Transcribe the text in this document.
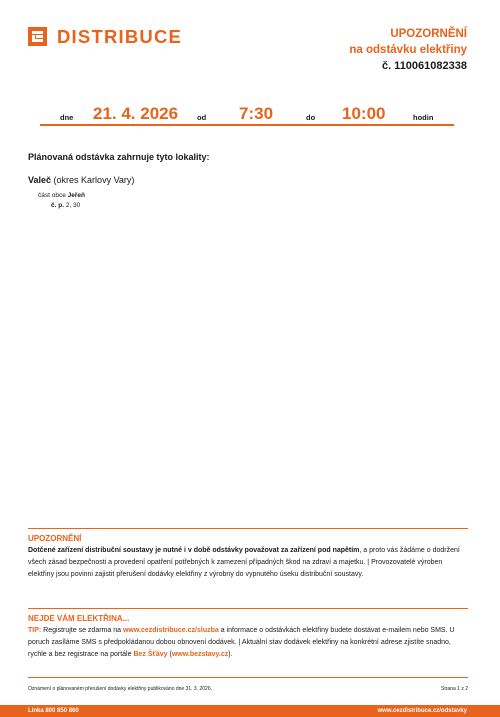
DISTRIBUCE	UPOZORNĚNÍ
na odstávku elektřiny
č. 110061082338
dne 21. 4. 2026	od 7:30	do 10:00	hodin
Plánovaná odstávka zahrnuje tyto lokality:
Valeč (okres Karlovy Vary)
část obce Jeřeň
č. p. 2, 30
UPOZORNĚNÍ
Dotčené zařízení distribuční soustavy je nutné i v době odstávky považovat za zařízení pod napětím, a proto vás žádáme o dodržení všech zásad bezpečnosti a provedení opatření potřebných k zamezení případných škod na zdraví a majetku. | Provozovatelé výroben elektřiny jsou povinni zajistit přerušení dodávky elektřiny z výrobny do vypnutého úseku distribuční soustavy.
NEJDE VÁM ELEKTŘINA...
TIP: Registrujte se zdarma na www.cezdistribuce.cz/sluzba a informace o odstávkách elektřiny budete dostávat e-mailem nebo SMS. U poruch zasíláme SMS s předpokládanou dobou obnovení dodávek. | Aktuální stav dodávek elektřiny na konkrétní adrese zjistíte snadno, rychle a bez registrace na portále Bez Šťávy (www.bezstavy.cz).
Oznámení o plánovaném přerušení dodávky elektřiny publikováno dne 31. 3. 2026.	Strana 1 z 2
Linka 800 850 860	www.cezdistribuce.cz/odstavky
